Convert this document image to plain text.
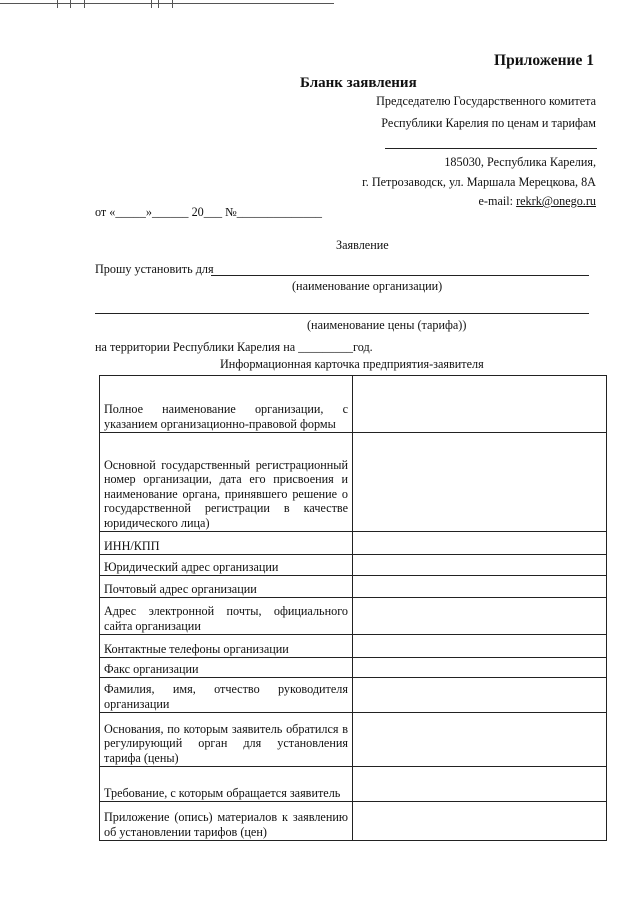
Приложение 1
Бланк заявления
Председателю Государственного комитета
Республики Карелия по ценам и тарифам
185030, Республика Карелия,
г. Петрозаводск, ул. Маршала Мерецкова, 8А
e-mail: rekrk@onego.ru
от «_____»______ 20___ №______________
Заявление
Прошу установить для
(наименование организации)
(наименование цены (тарифа))
на территории Республики Карелия на _________год.
Информационная карточка предприятия-заявителя
Полное наименование организации, с указанием организационно-правовой формы	
Основной государственный регистрационный номер организации, дата его присвоения и наименование органа, принявшего решение о государственной регистрации в качестве юридического лица)	
ИНН/КПП	
Юридический адрес организации	
Почтовый адрес организации	
Адрес электронной почты, официального сайта организации	
Контактные телефоны организации	
Факс организации	
Фамилия, имя, отчество руководителя организации	
Основания, по которым заявитель обратился в регулирующий орган для установления тарифа (цены)	
Требование, с которым обращается заявитель	
Приложение (опись) материалов к заявлению об установлении тарифов (цен)	
